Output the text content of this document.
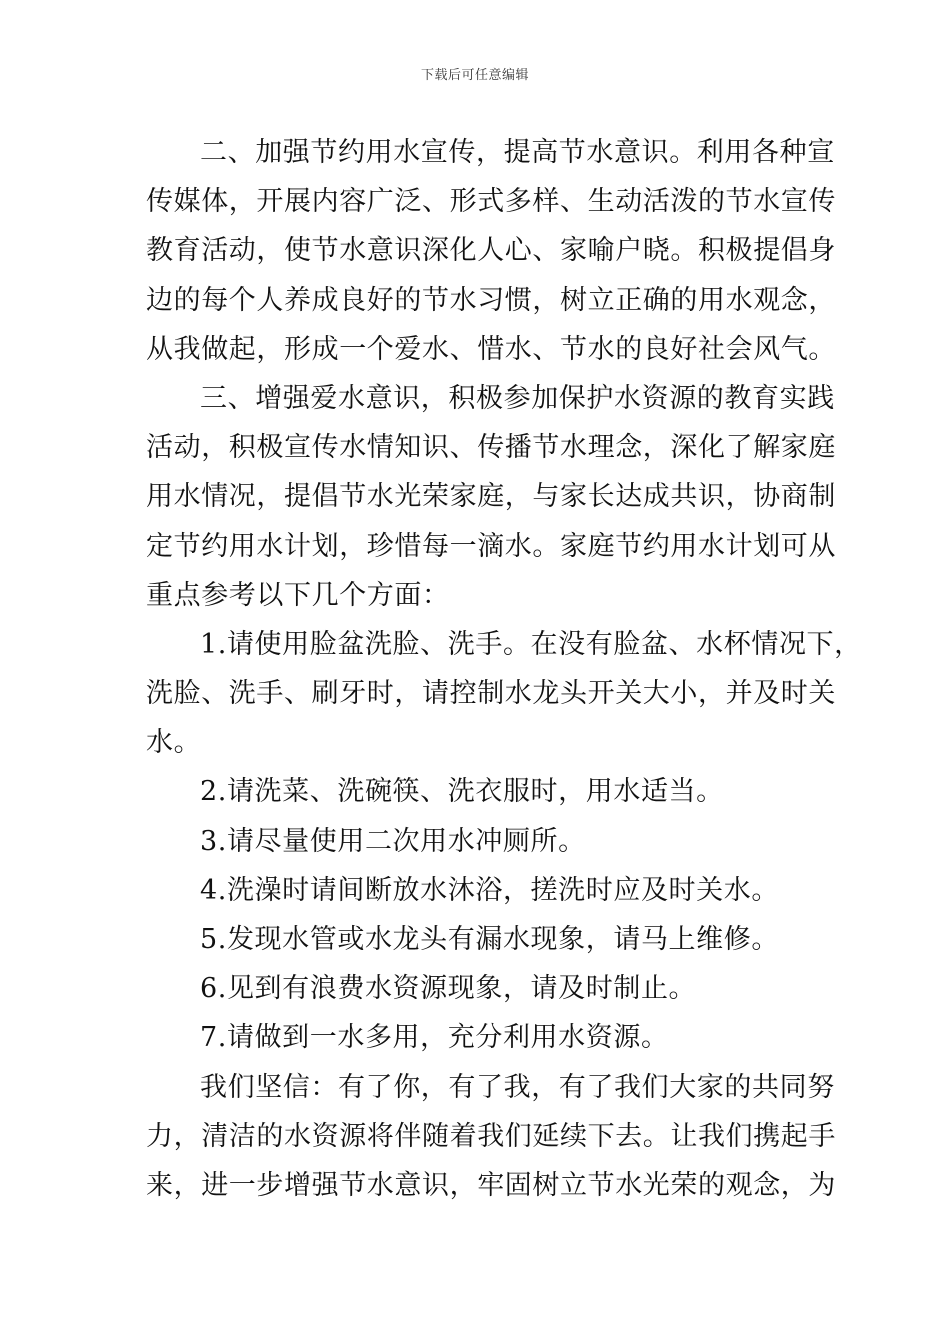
下载后可任意编辑
二、加强节约用水宣传，提高节水意识。利用各种宣
传媒体，开展内容广泛、形式多样、生动活泼的节水宣传
教育活动，使节水意识深化人心、家喻户晓。积极提倡身
边的每个人养成良好的节水习惯，树立正确的用水观念，
从我做起，形成一个爱水、惜水、节水的良好社会风气。
三、增强爱水意识，积极参加保护水资源的教育实践
活动，积极宣传水情知识、传播节水理念，深化了解家庭
用水情况，提倡节水光荣家庭，与家长达成共识，协商制
定节约用水计划，珍惜每一滴水。家庭节约用水计划可从
重点参考以下几个方面：
1.请使用脸盆洗脸、洗手。在没有脸盆、水杯情况下，
洗脸、洗手、刷牙时，请控制水龙头开关大小，并及时关
水。
2.请洗菜、洗碗筷、洗衣服时，用水适当。
3.请尽量使用二次用水冲厕所。
4.洗澡时请间断放水沐浴，搓洗时应及时关水。
5.发现水管或水龙头有漏水现象，请马上维修。
6.见到有浪费水资源现象，请及时制止。
7.请做到一水多用，充分利用水资源。
我们坚信：有了你，有了我，有了我们大家的共同努
力，清洁的水资源将伴随着我们延续下去。让我们携起手
来，进一步增强节水意识，牢固树立节水光荣的观念，为
